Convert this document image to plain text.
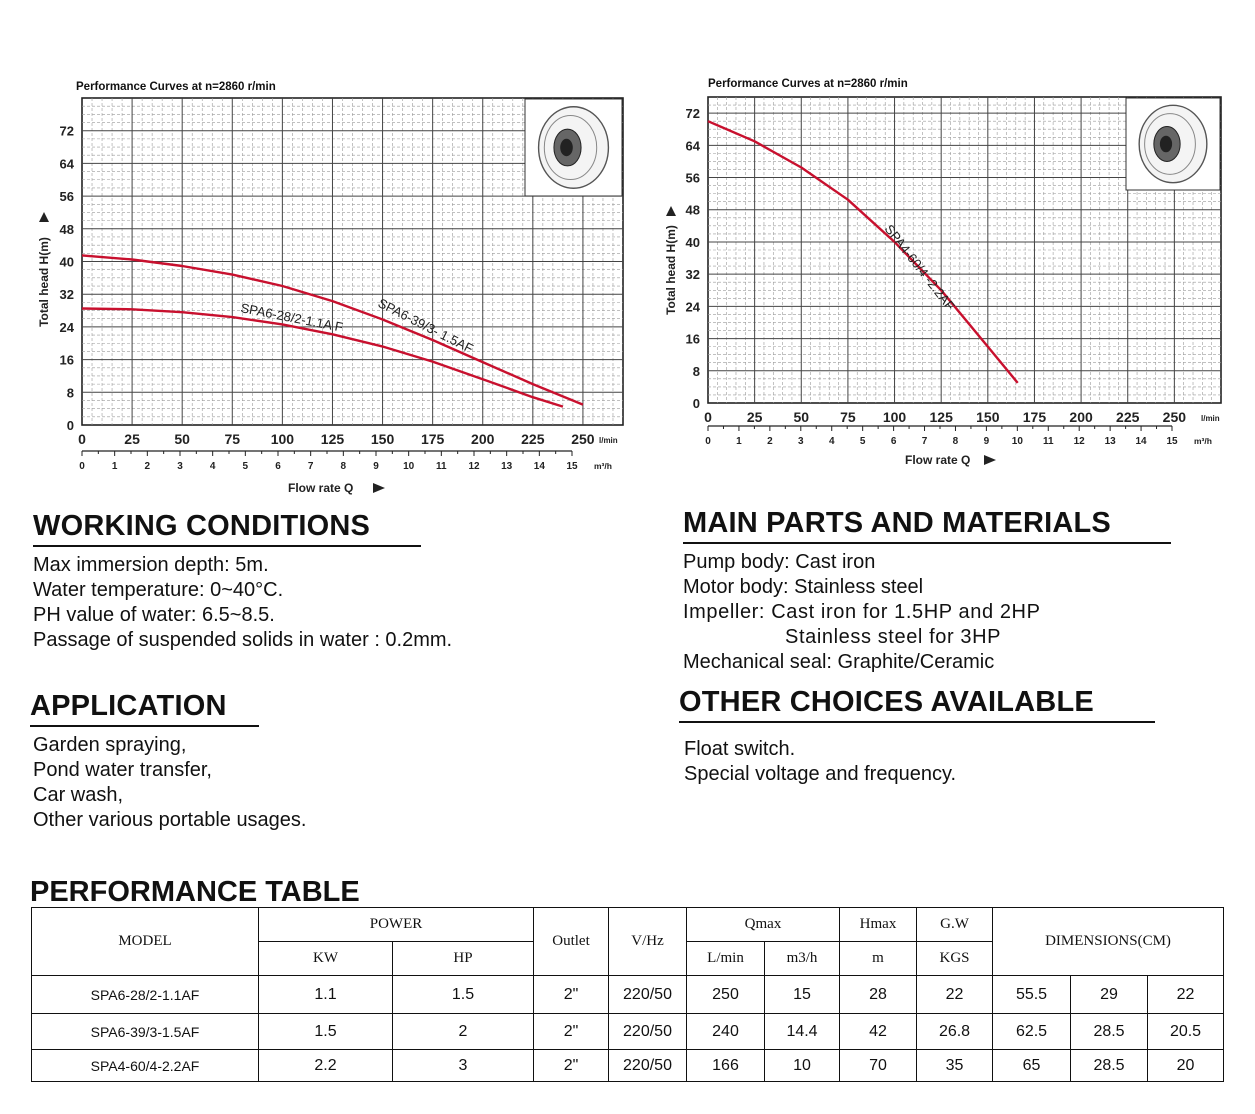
Performance Curves at n=2860 r/min
SPA6-28/2-1.1A F SPA6-39/3- 1.5AF
0
8
16
24
32
40
48
56
64
72
Total head H(m)
0	25 50 75 100 125 150 175 200 225 250 l/min
0	1	2	3	4	5	6	7	8	9 10 11 12 13 14 15 m³/h
Flow rate Q
Performance Curves at n=2860 r/min
SPA4-60/4 -2.2AF
0
8
16
24
32
40
48
56
64
72
Total head H(m)
0 25 50 75 100 125 150 175 200 225 250 l/min
0	1	2	3	4	5	6	7	8	9 10 11 12 13 14 15 m³/h
Flow rate Q
WORKING CONDITIONS
Max immersion depth: 5m.
Water temperature: 0~40°C.
PH value of water: 6.5~8.5.
Passage of suspended solids in water : 0.2mm.
MAIN PARTS AND MATERIALS
Pump body: Cast iron
Motor body: Stainless steel
Impeller: Cast iron for 1.5HP and 2HP
Stainless steel for 3HP
Mechanical seal: Graphite/Ceramic
APPLICATION
Garden spraying,
Pond water transfer,
Car wash,
Other various portable usages.
OTHER CHOICES AVAILABLE
Float switch.
Special voltage and frequency.
PERFORMANCE TABLE
MODEL	POWER		Outlet	V/Hz	Qmax		Hmax	G.W	DIMENSIONS(CM)		
	KW	HP			L/min	m3/h	m	KGS			
SPA6-28/2-1.1AF	1.1	1.5	2"	220/50	250	15	28	22	55.5	29	22
SPA6-39/3-1.5AF	1.5	2	2"	220/50	240	14.4	42	26.8	62.5	28.5	20.5
SPA4-60/4-2.2AF	2.2	3	2"	220/50	166	10	70	35	65	28.5	20
